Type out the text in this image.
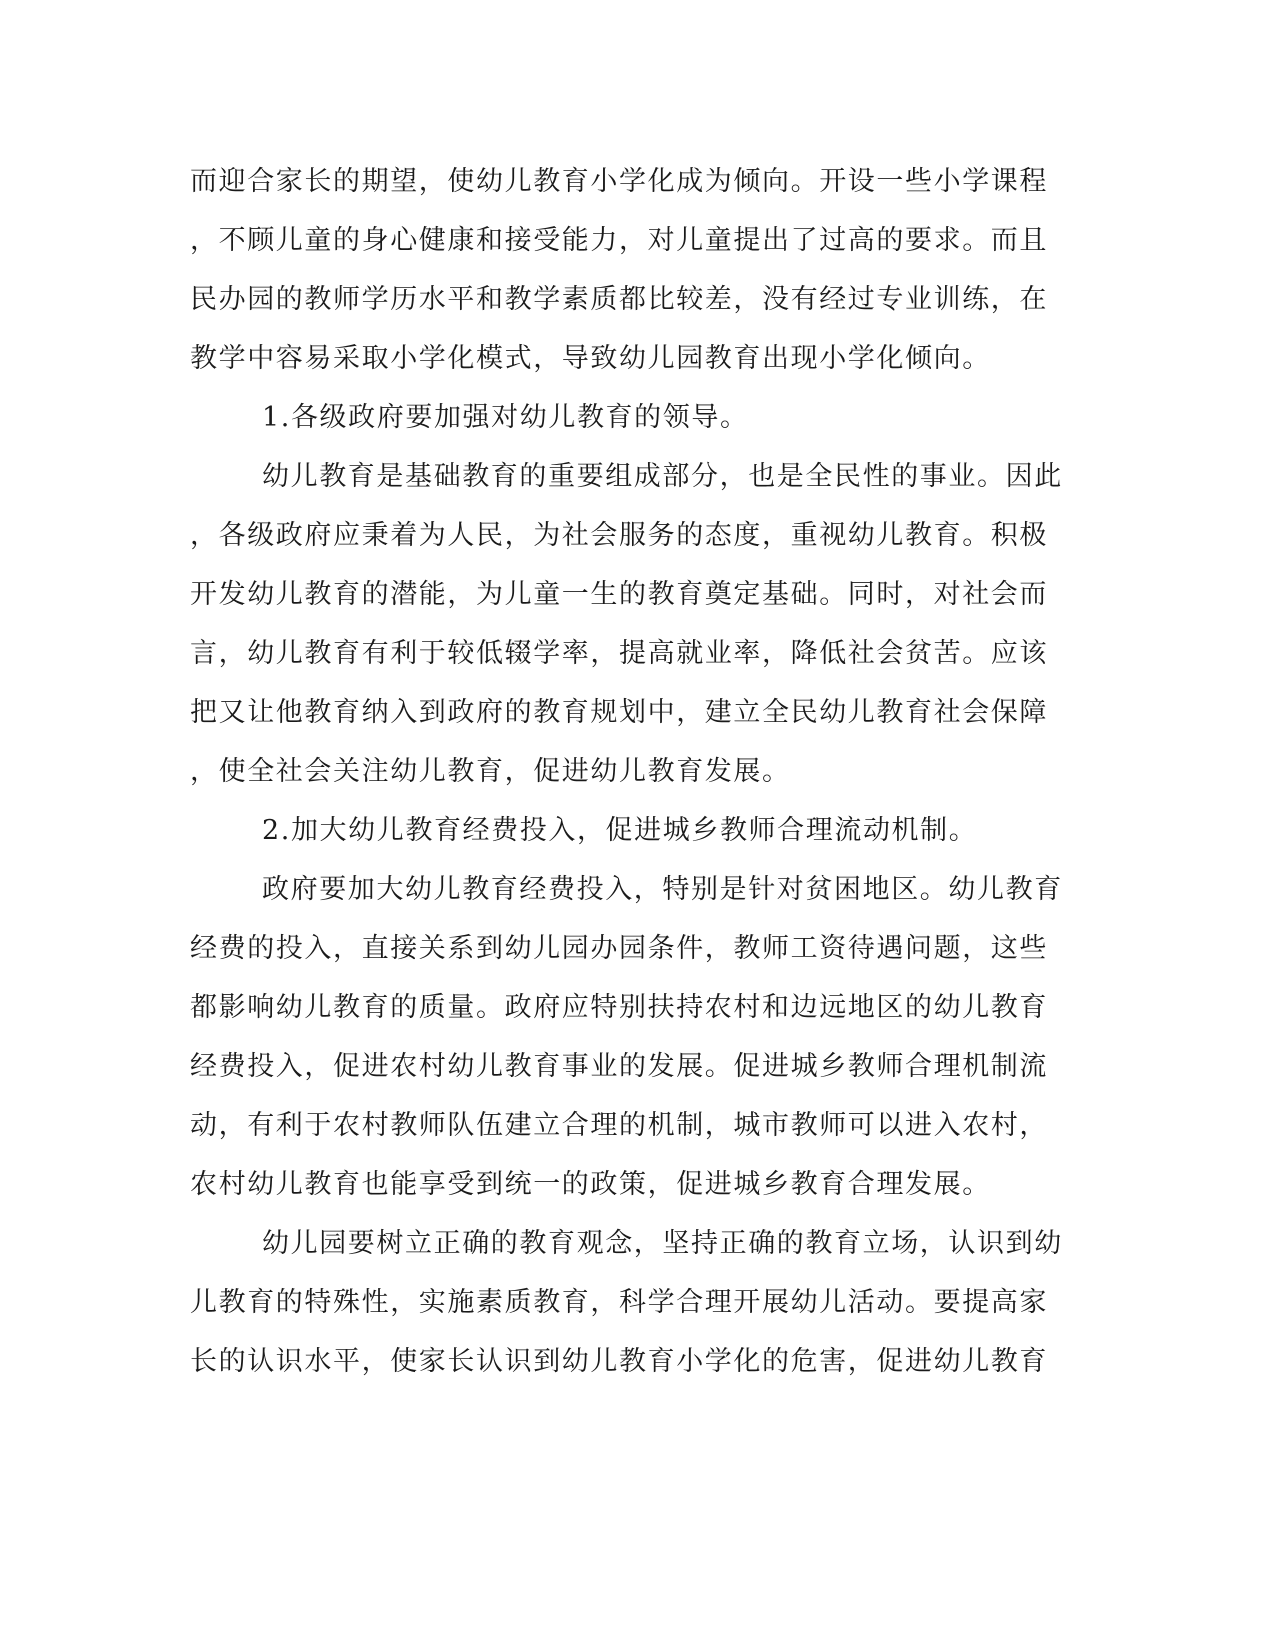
而迎合家长的期望，使幼儿教育小学化成为倾向。开设一些小学课程
，不顾儿童的身心健康和接受能力，对儿童提出了过高的要求。而且
民办园的教师学历水平和教学素质都比较差，没有经过专业训练，在
教学中容易采取小学化模式，导致幼儿园教育出现小学化倾向。
1.各级政府要加强对幼儿教育的领导。
幼儿教育是基础教育的重要组成部分，也是全民性的事业。因此
，各级政府应秉着为人民，为社会服务的态度，重视幼儿教育。积极
开发幼儿教育的潜能，为儿童一生的教育奠定基础。同时，对社会而
言，幼儿教育有利于较低辍学率，提高就业率，降低社会贫苦。应该
把又让他教育纳入到政府的教育规划中，建立全民幼儿教育社会保障
，使全社会关注幼儿教育，促进幼儿教育发展。
2.加大幼儿教育经费投入，促进城乡教师合理流动机制。
政府要加大幼儿教育经费投入，特别是针对贫困地区。幼儿教育
经费的投入，直接关系到幼儿园办园条件，教师工资待遇问题，这些
都影响幼儿教育的质量。政府应特别扶持农村和边远地区的幼儿教育
经费投入，促进农村幼儿教育事业的发展。促进城乡教师合理机制流
动，有利于农村教师队伍建立合理的机制，城市教师可以进入农村，
农村幼儿教育也能享受到统一的政策，促进城乡教育合理发展。
幼儿园要树立正确的教育观念，坚持正确的教育立场，认识到幼
儿教育的特殊性，实施素质教育，科学合理开展幼儿活动。要提高家
长的认识水平，使家长认识到幼儿教育小学化的危害，促进幼儿教育
